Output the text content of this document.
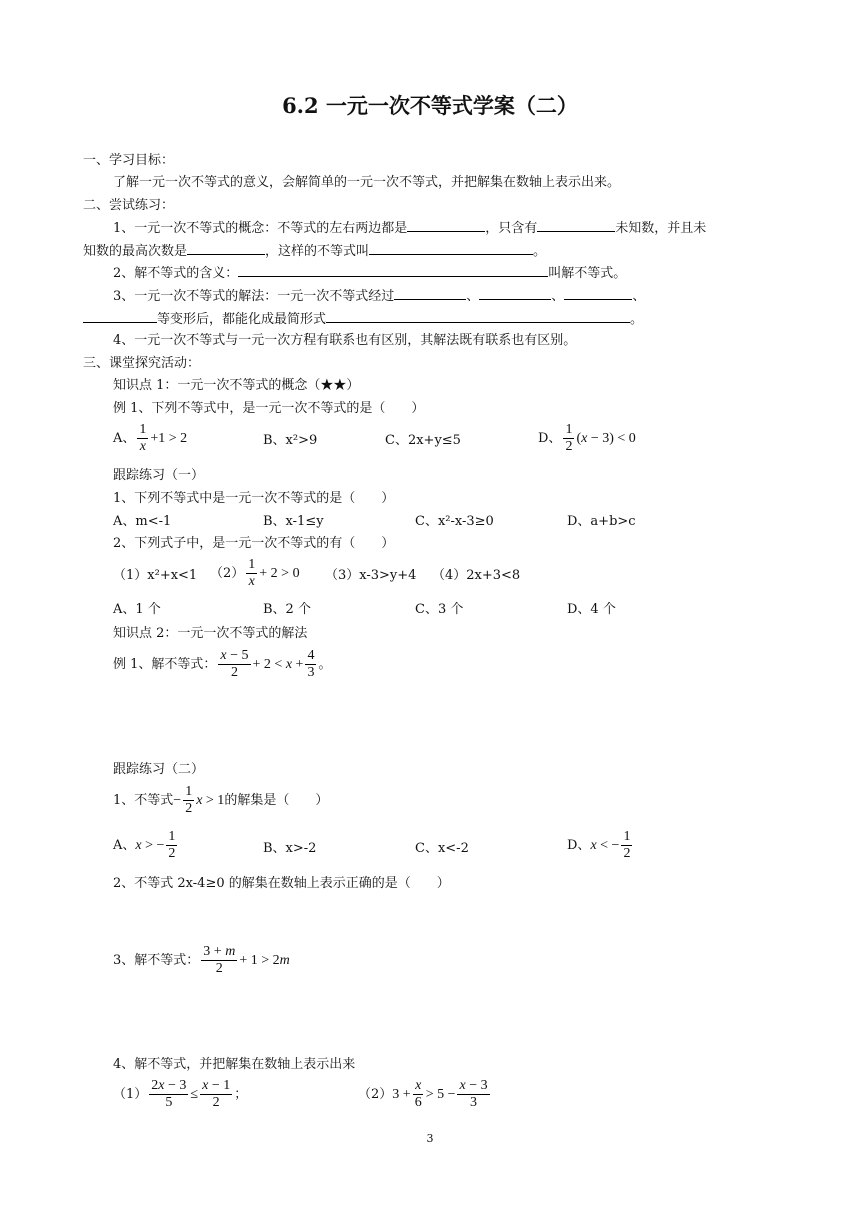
6.2 一元一次不等式学案（二）
一、学习目标：
了解一元一次不等式的意义，会解简单的一元一次不等式，并把解集在数轴上表示出来。
二、尝试练习：
1、一元一次不等式的概念：不等式的左右两边都是	，只含有	未知数，并且未
知数的最高次数是	，这样的不等式叫	。
2、解不等式的含义：	叫解不等式。
3、一元一次不等式的解法：一元一次不等式经过	、	、	、
等变形后，都能化成最简形式	。
4、一元一次不等式与一元一次方程有联系也有区别，其解法既有联系也有区别。
三、课堂探究活动：
知识点 1：一元一次不等式的概念（★★）
例 1、下列不等式中，是一元一次不等式的是（　　）
A、 $\frac{1}{x} +1 > 2$	B、x²>9	C、2x+y≤5	D、 $\frac{1}{2} (x - 3) < 0$
跟踪练习（一）
1、下列不等式中是一元一次不等式的是（　　）
A、m<-1	B、x-1≤y	C、x²-x-3≥0	D、a+b>c
2、下列式子中，是一元一次不等式的有（　　）
（1）x²+x<1 $(2) \frac{1}{x} + 2 > 0$ （3）x-3>y+4 （4）2x+3<8
A、1 个	B、2 个	C、3 个	D、4 个
知识点 2：一元一次不等式的解法
例 1、解不等式： $\frac{x - 5}{2} + 2 < x + \frac{4}{3}$ 。
跟踪练习（二）
1、不等式 − $\frac{1}{2}$ x > 1 的解集是（　　）
A、 x > − $\frac{1}{2}$	B、x>-2	C、x<-2	D、 x < − $\frac{1}{2}$
2、不等式 2x-4≥0 的解集在数轴上表示正确的是（　　）
3、解不等式： $\frac{3 + m}{2} + 1 > 2m$
4、解不等式，并把解集在数轴上表示出来
$(1) \frac{2x - 3}{5} \le \frac{x - 1}{2}$ ；	（2） $3 + \frac{x}{6} > 5 - \frac{x - 3}{3}$
3
